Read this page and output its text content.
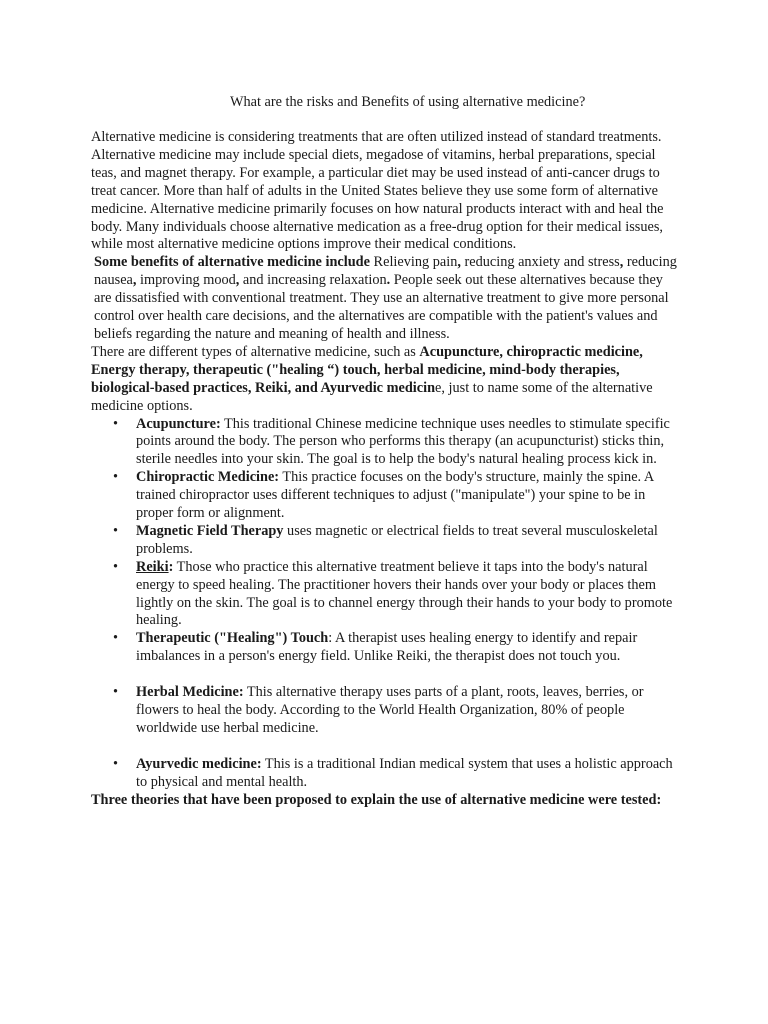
What are the risks and Benefits of using alternative medicine?

Alternative medicine is considering treatments that are often utilized instead of standard treatments. Alternative medicine may include special diets, megadose of vitamins, herbal preparations, special teas, and magnet therapy. For example, a particular diet may be used instead of anti-cancer drugs to treat cancer. More than half of adults in the United States believe they use some form of alternative medicine. Alternative medicine primarily focuses on how natural products interact with and heal the body. Many individuals choose alternative medication as a free-drug option for their medical issues, while most alternative medicine options improve their medical conditions.

Some benefits of alternative medicine include Relieving pain, reducing anxiety and stress, reducing nausea, improving mood, and increasing relaxation. People seek out these alternatives because they are dissatisfied with conventional treatment. They use an alternative treatment to give more personal control over health care decisions, and the alternatives are compatible with the patient's values and beliefs regarding the nature and meaning of health and illness.

There are different types of alternative medicine, such as Acupuncture, chiropractic medicine, Energy therapy, therapeutic ("healing “) touch, herbal medicine, mind-body therapies, biological-based practices, Reiki, and Ayurvedic medicine, just to name some of the alternative medicine options.

• Acupuncture: This traditional Chinese medicine technique uses needles to stimulate specific points around the body. The person who performs this therapy (an acupuncturist) sticks thin, sterile needles into your skin. The goal is to help the body's natural healing process kick in.
• Chiropractic Medicine: This practice focuses on the body's structure, mainly the spine. A trained chiropractor uses different techniques to adjust ("manipulate") your spine to be in proper form or alignment.
• Magnetic Field Therapy uses magnetic or electrical fields to treat several musculoskeletal problems.
• Reiki: Those who practice this alternative treatment believe it taps into the body's natural energy to speed healing. The practitioner hovers their hands over your body or places them lightly on the skin. The goal is to channel energy through their hands to your body to promote healing.
• Therapeutic ("Healing") Touch: A therapist uses healing energy to identify and repair imbalances in a person's energy field. Unlike Reiki, the therapist does not touch you.
• Herbal Medicine: This alternative therapy uses parts of a plant, roots, leaves, berries, or flowers to heal the body. According to the World Health Organization, 80% of people worldwide use herbal medicine.
• Ayurvedic medicine: This is a traditional Indian medical system that uses a holistic approach to physical and mental health.

Three theories that have been proposed to explain the use of alternative medicine were tested:
